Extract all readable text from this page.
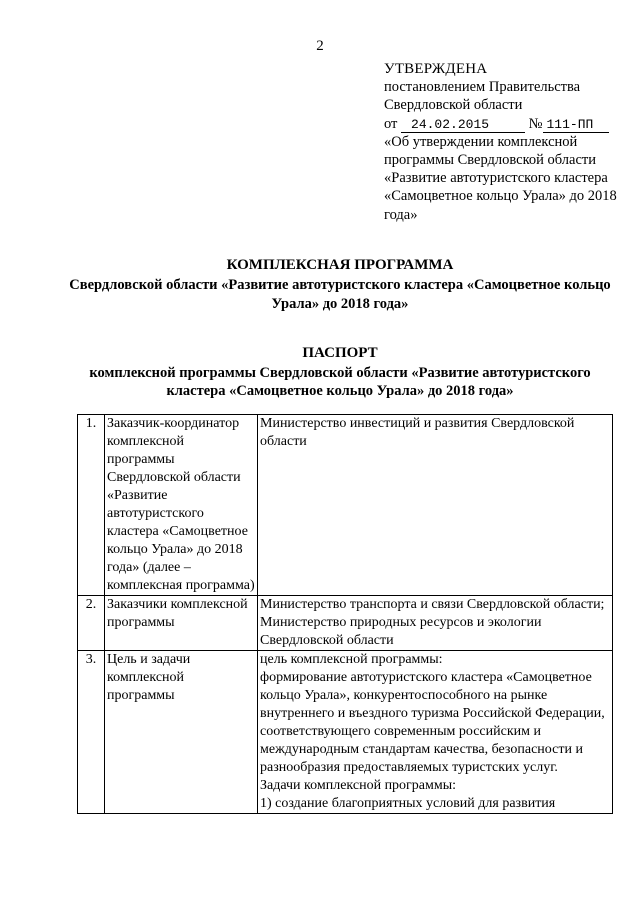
2
УТВЕРЖДЕНА
постановлением Правительства
Свердловской области
от 24.02.2015	№ 111-ПП
«Об утверждении комплексной программы Свердловской области «Развитие автотуристского кластера «Самоцветное кольцо Урала» до 2018 года»
КОМПЛЕКСНАЯ ПРОГРАММА
Свердловской области «Развитие автотуристского кластера «Самоцветное кольцо Урала» до 2018 года»
ПАСПОРТ
комплексной программы Свердловской области «Развитие автотуристского кластера «Самоцветное кольцо Урала» до 2018 года»
1.	Заказчик-координатор комплексной программы Свердловской области «Развитие автотуристского кластера «Самоцветное кольцо Урала» до 2018 года» (далее – комплексная программа)	Министерство инвестиций и развития Свердловской области

2.	Заказчики комплексной программы	Министерство транспорта и связи Свердловской области;
Министерство природных ресурсов и экологии Свердловской области

3.	Цель и задачи комплексной программы	цель комплексной программы:
формирование автотуристского кластера «Самоцветное кольцо Урала», конкурентоспособного на рынке внутреннего и въездного туризма Российской Федерации, соответствующего современным российским и международным стандартам качества, безопасности и разнообразия предоставляемых туристских услуг.
Задачи комплексной программы:
1) создание благоприятных условий для развития
